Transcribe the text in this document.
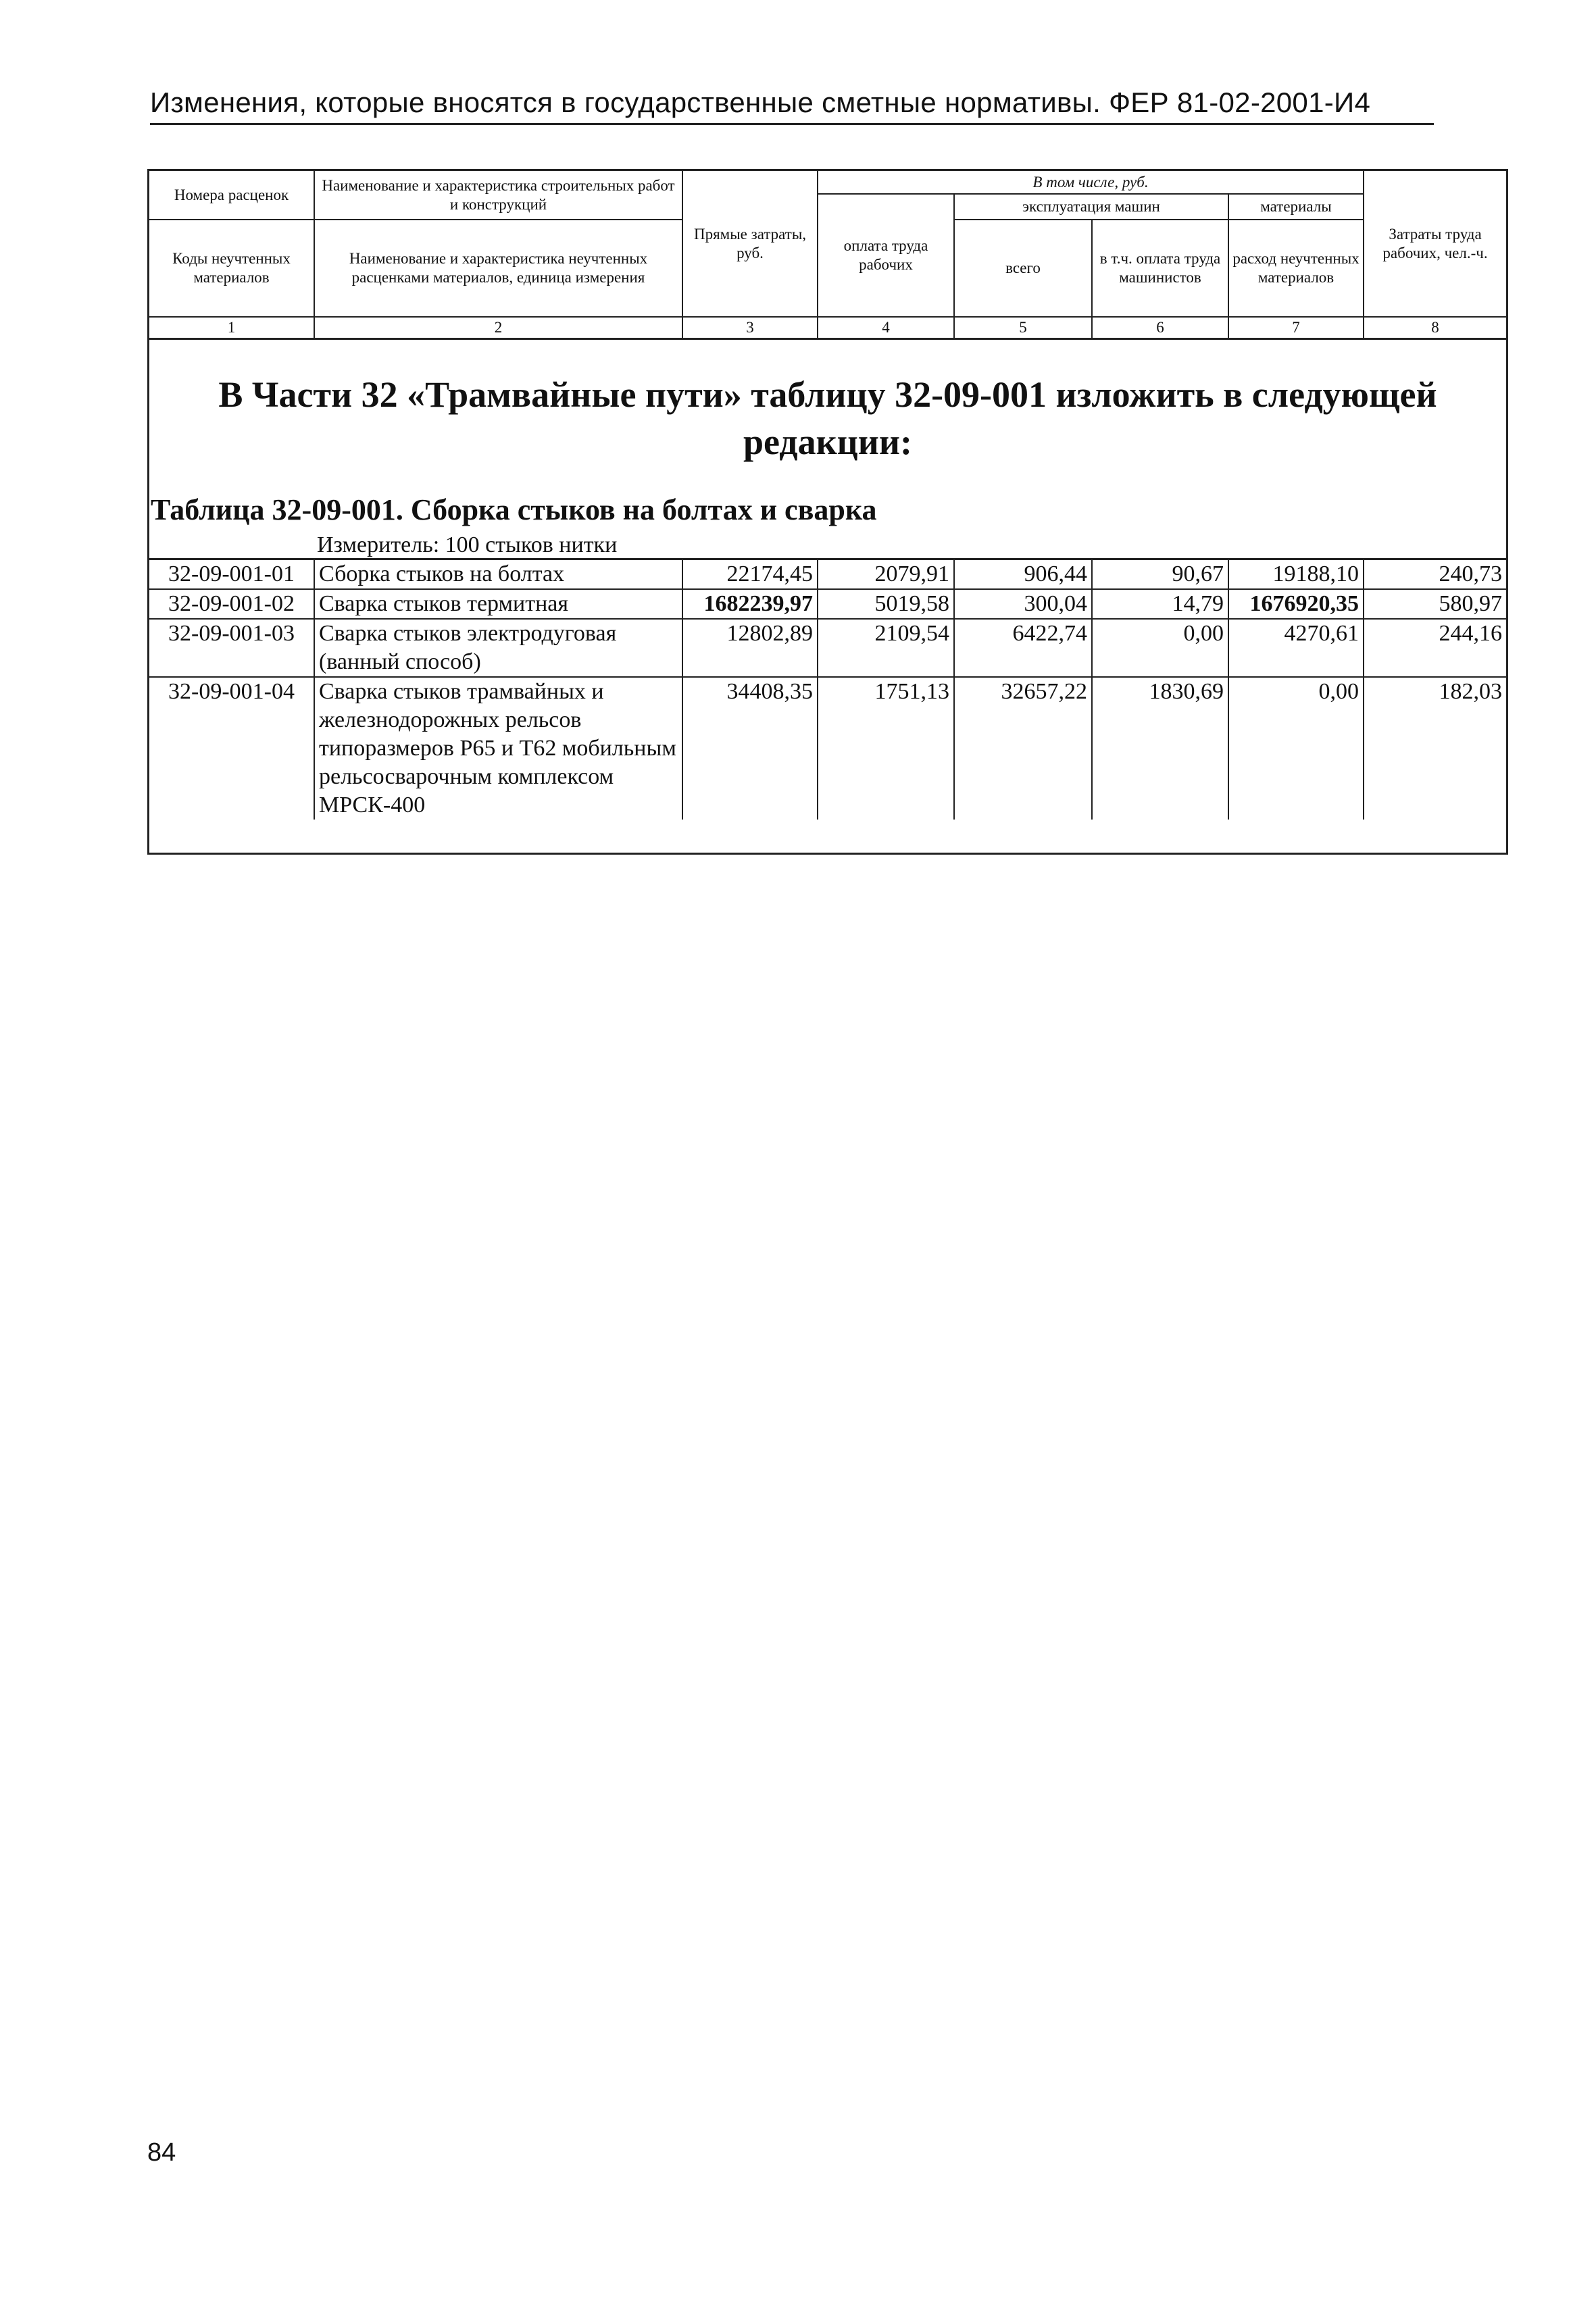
Изменения, которые вносятся в государственные сметные нормативы. ФЕР 81-02-2001-И4
Номера расценок	Наименование и характеристика строительных работ и конструкций	Прямые затраты, руб.	В том числе, руб.				Затраты труда рабочих, чел.-ч.
			оплата труда рабочих	эксплуатация машин		материалы	
Коды неучтенных материалов	Наименование и характеристика неучтенных расценками материалов, единица измерения			всего	в т.ч. оплата труда машинистов	расход неучтенных материалов	
1	2	3	4	5	6	7	8
В Части 32 «Трамвайные пути» таблицу 32-09-001 изложить в следующей редакции:
Таблица 32-09-001. Сборка стыков на болтах и сварка
Измеритель: 100 стыков нитки
32-09-001-01	Сборка стыков на болтах	22174,45	2079,91	906,44	90,67	19188,10	240,73
32-09-001-02	Сварка стыков термитная	1682239,97	5019,58	300,04	14,79	1676920,35	580,97
32-09-001-03	Сварка стыков электродуговая (ванный способ)	12802,89	2109,54	6422,74	0,00	4270,61	244,16
32-09-001-04	Сварка стыков трамвайных и железнодорожных рельсов типоразмеров Р65 и Т62 мобильным рельсосварочным комплексом МРСК-400	34408,35	1751,13	32657,22	1830,69	0,00	182,03
84
